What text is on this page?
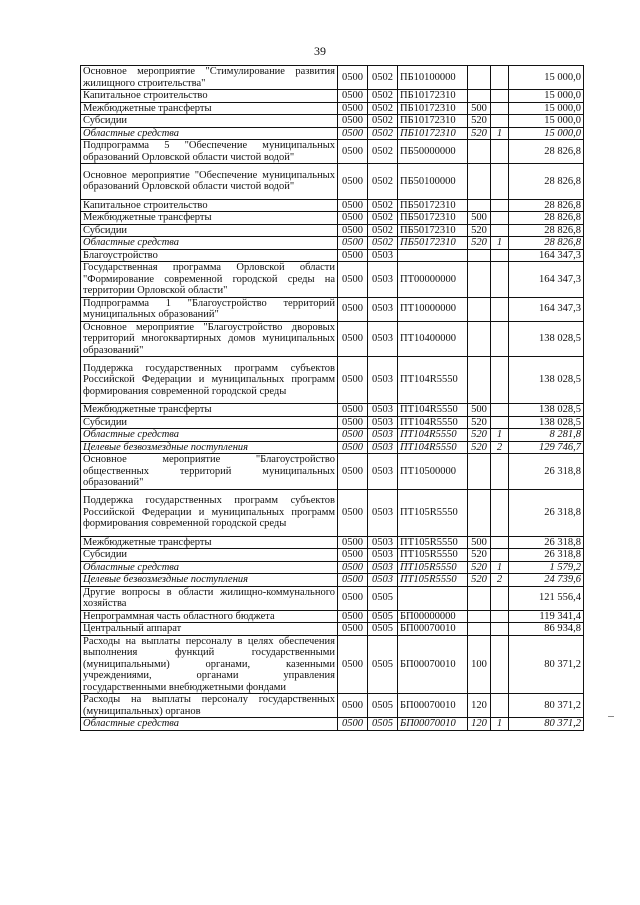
39
Основное мероприятие "Стимулирование развития жилищного строительства"	0500	0502	ПБ10100000			15 000,0
Капитальное строительство	0500	0502	ПБ10172310			15 000,0
Межбюджетные трансферты	0500	0502	ПБ10172310	500		15 000,0
Субсидии	0500	0502	ПБ10172310	520		15 000,0
Областные средства	0500	0502	ПБ10172310	520	1	15 000,0
Подпрограмма 5 "Обеспечение муниципальных образований Орловской области чистой водой"	0500	0502	ПБ50000000			28 826,8
Основное мероприятие "Обеспечение муниципальных образований Орловской области чистой водой"	0500	0502	ПБ50100000			28 826,8
Капитальное строительство	0500	0502	ПБ50172310			28 826,8
Межбюджетные трансферты	0500	0502	ПБ50172310	500		28 826,8
Субсидии	0500	0502	ПБ50172310	520		28 826,8
Областные средства	0500	0502	ПБ50172310	520	1	28 826,8
Благоустройство	0500	0503				164 347,3
Государственная программа Орловской области "Формирование современной городской среды на территории Орловской области"	0500	0503	ПТ00000000			164 347,3
Подпрограмма 1 "Благоустройство территорий муниципальных образований"	0500	0503	ПТ10000000			164 347,3
Основное мероприятие "Благоустройство дворовых территорий многоквартирных домов муниципальных образований"	0500	0503	ПТ10400000			138 028,5
Поддержка государственных программ субъектов Российской Федерации и муниципальных программ формирования современной городской среды	0500	0503	ПТ104R5550			138 028,5
Межбюджетные трансферты	0500	0503	ПТ104R5550	500		138 028,5
Субсидии	0500	0503	ПТ104R5550	520		138 028,5
Областные средства	0500	0503	ПТ104R5550	520	1	8 281,8
Целевые безвозмездные поступления	0500	0503	ПТ104R5550	520	2	129 746,7
Основное мероприятие "Благоустройство общественных территорий муниципальных образований"	0500	0503	ПТ10500000			26 318,8
Поддержка государственных программ субъектов Российской Федерации и муниципальных программ формирования современной городской среды	0500	0503	ПТ105R5550			26 318,8
Межбюджетные трансферты	0500	0503	ПТ105R5550	500		26 318,8
Субсидии	0500	0503	ПТ105R5550	520		26 318,8
Областные средства	0500	0503	ПТ105R5550	520	1	1 579,2
Целевые безвозмездные поступления	0500	0503	ПТ105R5550	520	2	24 739,6
Другие вопросы в области жилищно-коммунального хозяйства	0500	0505				121 556,4
Непрограммная часть областного бюджета	0500	0505	БП00000000			119 341,4
Центральный аппарат	0500	0505	БП00070010			86 934,8
Расходы на выплаты персоналу в целях обеспечения выполнения функций государственными (муниципальными) органами, казенными учреждениями, органами управления государственными внебюджетными фондами	0500	0505	БП00070010	100		80 371,2
Расходы на выплаты персоналу государственных (муниципальных) органов	0500	0505	БП00070010	120		80 371,2
Областные средства	0500	0505	БП00070010	120	1	80 371,2
